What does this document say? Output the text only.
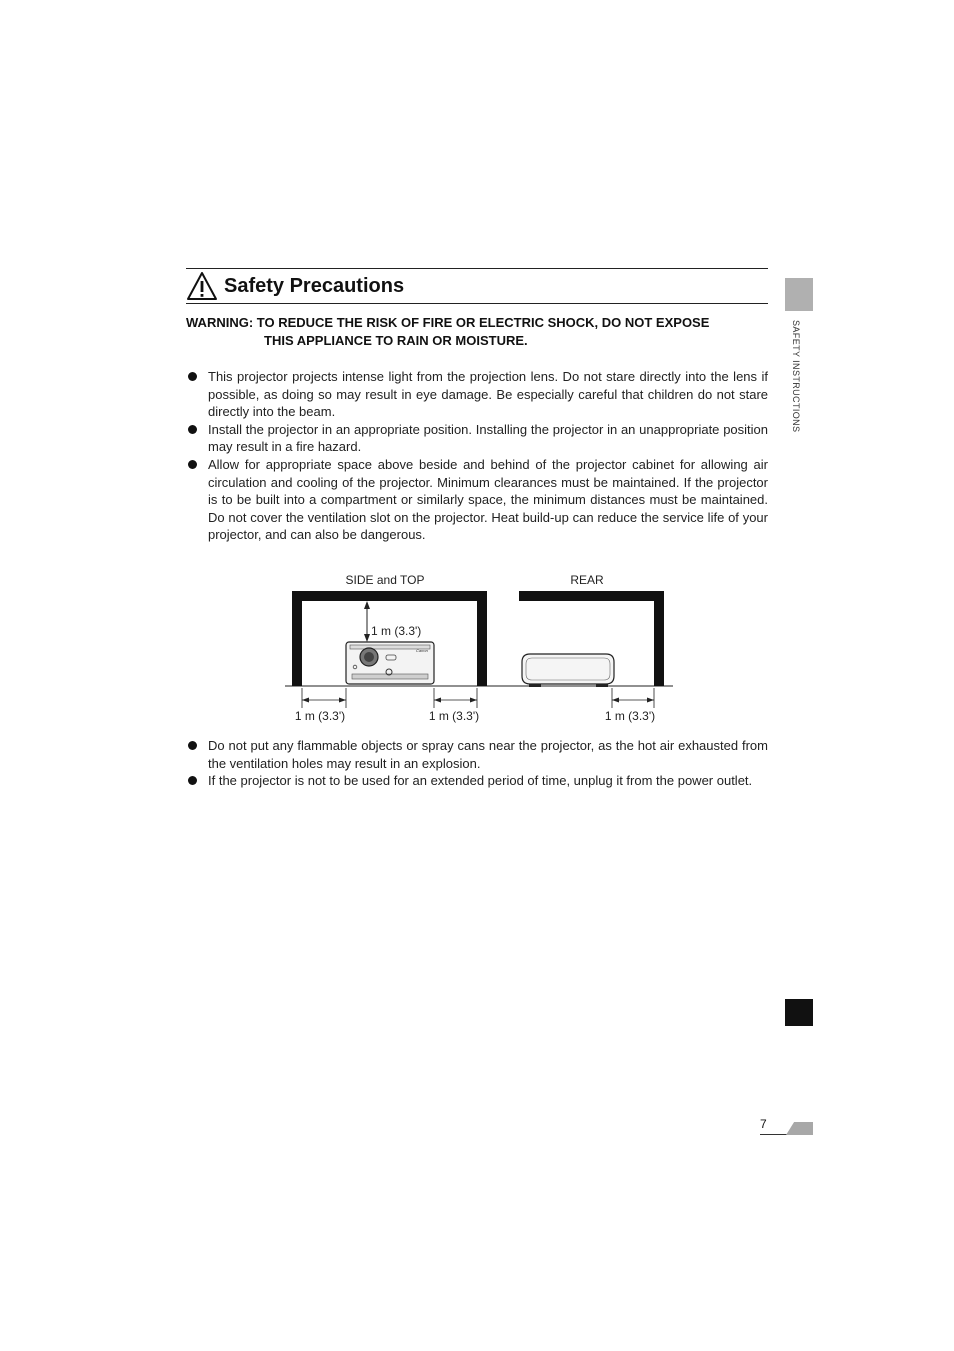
Safety Precautions
WARNING: TO REDUCE THE RISK OF FIRE OR ELECTRIC SHOCK, DO NOT EXPOSE
THIS APPLIANCE TO RAIN OR MOISTURE.
This projector projects intense light from the projection lens. Do not stare directly into the lens if possible, as doing so may result in eye damage. Be especially careful that children do not stare directly into the beam.
Install the projector in an appropriate position. Installing the projector in an unappropriate position may result in a fire hazard.
Allow for appropriate space above beside and behind of the projector cabinet for allowing air circulation and cooling of the projector. Minimum clearances must be maintained. If the projector is to be built into a compartment or similarly space, the minimum distances must be maintained. Do not cover the ventilation slot on the projector. Heat build-up can reduce the service life of your projector, and can also be dangerous.
SIDE and TOP	REAR
1 m (3.3')
Canon
1 m (3.3')	1 m (3.3')	1 m (3.3')
Do not put any flammable objects or spray cans near the projector, as the hot air exhausted from the ventilation holes may result in an explosion.
If the projector is not to be used for an extended period of time, unplug it from the power outlet.
SAFETY INSTRUCTIONS
7
